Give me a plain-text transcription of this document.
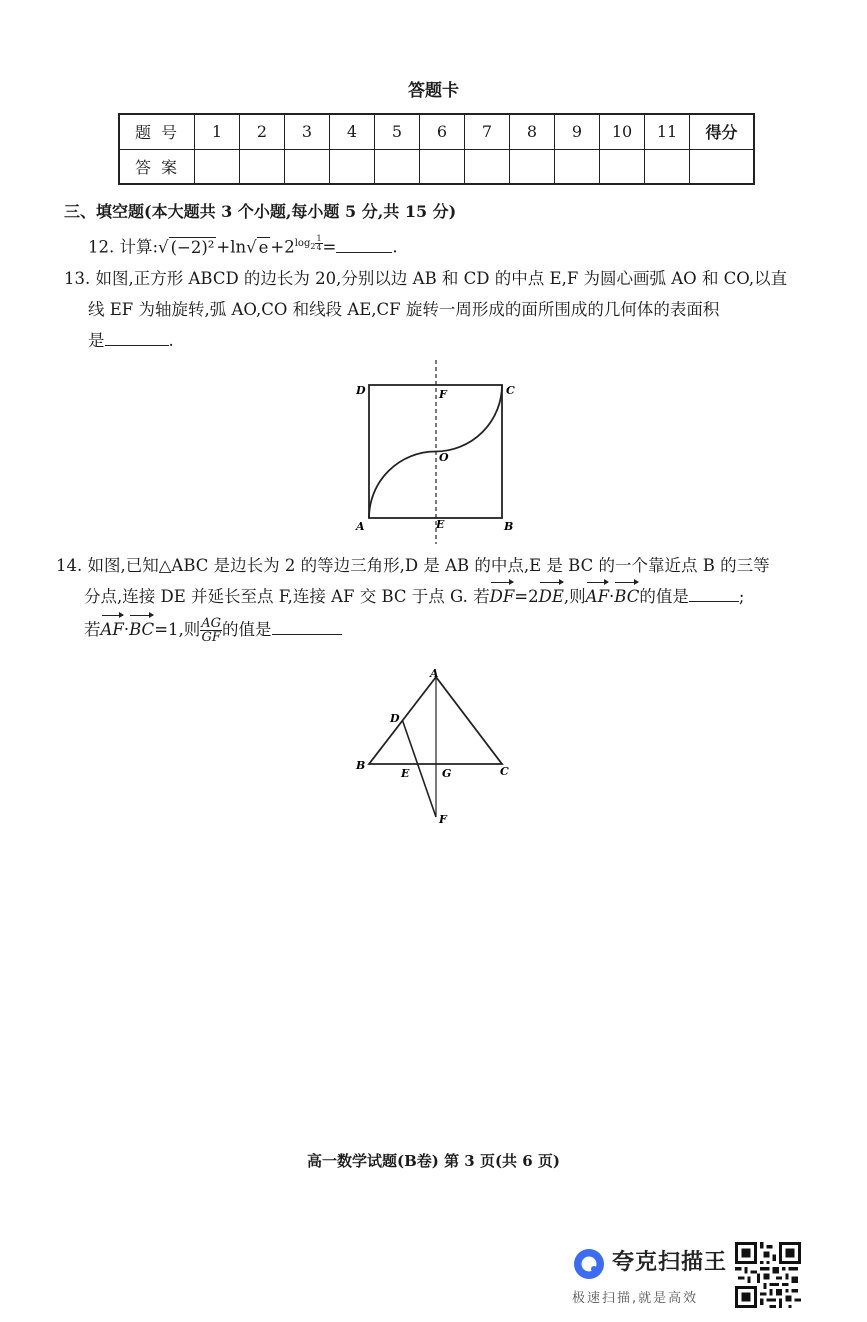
答题卡
题号	1	2	3	4	5	6	7	8	9	10	11	得分
答案												
三、填空题(本大题共 3 个小题,每小题 5 分,共 15 分)
12. 计算:√ (−2)² +ln√ $e +2^{log_2 \frac{1}{4}}$ =	.
13. 如图,正方形 ABCD 的边长为 20,分别以边 AB 和 CD 的中点 E,F 为圆心画弧 AO 和 CO,以直
线 EF 为轴旋转,弧 AO,CO 和线段 AE,CF 旋转一周形成的面所围成的几何体的表面积
是	.
D	F	C
O
A	E	B
14. 如图,已知△ABC 是边长为 2 的等边三角形,D 是 AB 的中点,E 是 BC 的一个靠近点 B 的三等
分点,连接 DE 并延长至点 F,连接 AF 交 BC 于点 G. 若DF=2DE,则AF·BC的值是	;
若AF·BC=1,则 $\frac{AG}{GF}$ 的值是
A
D
B
E	G	C
F
高一数学试题(B卷) 第 3 页(共 6 页)
夸克扫描王
极速扫描,就是高效
